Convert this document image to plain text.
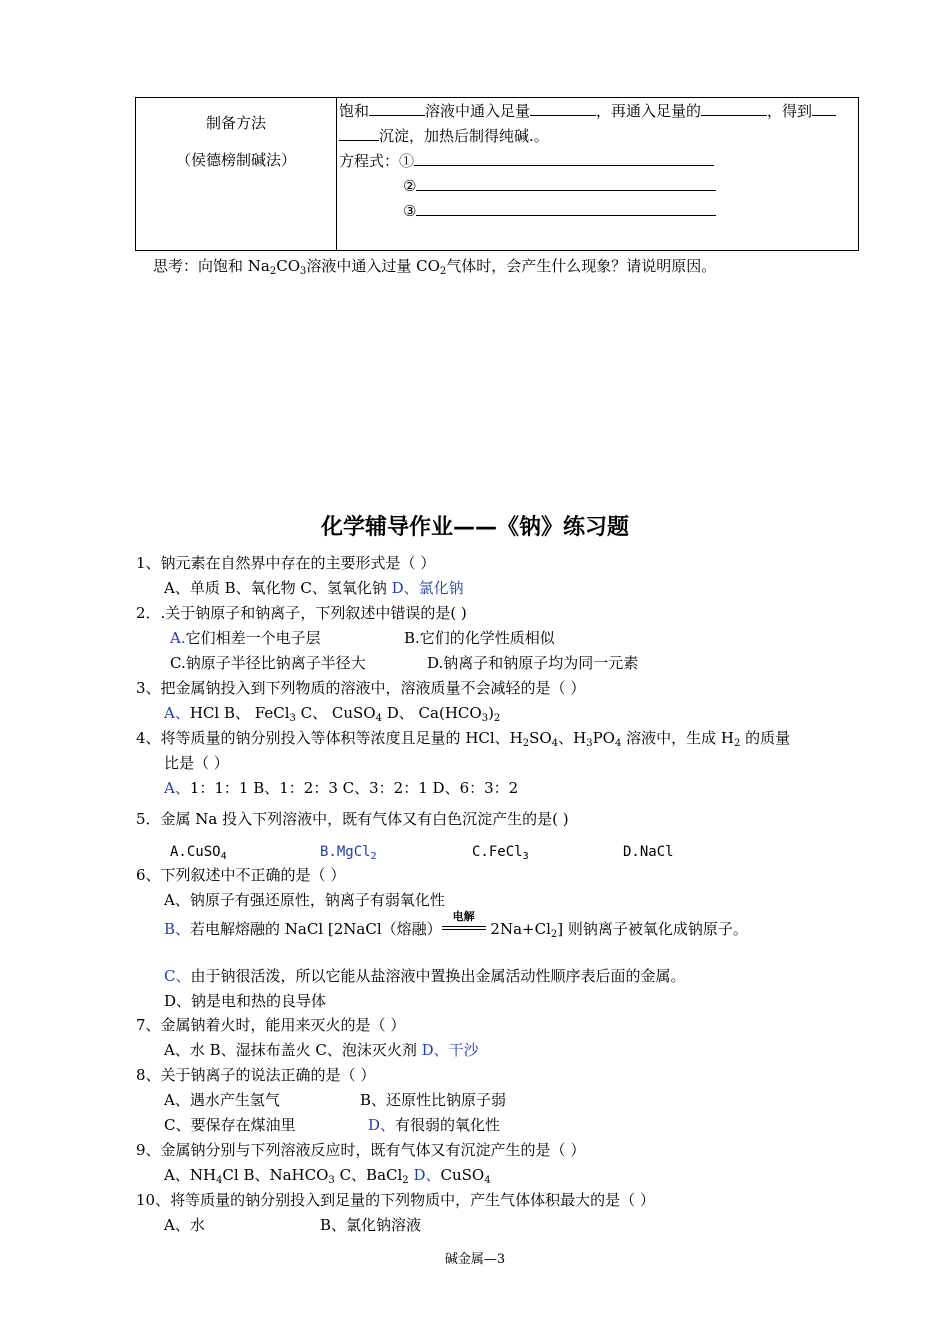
制备方法
（侯德榜制碱法）

饱和	溶液中通入足量	，再通入足量的	，得到
沉淀，加热后制得纯碱.。
方程式：①
②
③
思考：向饱和 $Na_2CO_3$溶液中通入过量 $CO_2$气体时，会产生什么现象？请说明原因。
化学辅导作业——《钠》练习题
1、钠元素在自然界中存在的主要形式是（ ）
A、单质 B、氧化物 C、氢氧化钠 D、氯化钠
2．.关于钠原子和钠离子，下列叙述中错误的是( )
A.它们相差一个电子层	B.它们的化学性质相似
C.钠原子半径比钠离子半径大	D.钠离子和钠原子均为同一元素
3、把金属钠投入到下列物质的溶液中，溶液质量不会减轻的是（ ）
A、HCl B、 FeCl$_3$ C、 CuSO$_4$ D、 $Ca(HCO_3)_2$
4、将等质量的钠分别投入等体积等浓度且足量的 HCl、$H_2SO_4$、$H_3PO_4$ 溶液中，生成 $H_2$ 的质量
比是（ ）
A、1：1：1 B、1：2：3 C、3：2：1 D、6：3：2
5．金属 Na 投入下列溶液中，既有气体又有白色沉淀产生的是( )
A.CuSO$_4$	B.MgCl$_2$	C.FeCl$_3$	D.NaCl
6、下列叙述中不正确的是（ ）
A、钠原子有强还原性，钠离子有弱氧化性
B、若电解熔融的 NaCl [2NaCl（熔融）
电解
$2Na+Cl_2$] 则钠离子被氧化成钠原子。
C、由于钠很活泼，所以它能从盐溶液中置换出金属活动性顺序表后面的金属。
D、钠是电和热的良导体
7、金属钠着火时，能用来灭火的是（ ）
A、水 B、湿抹布盖火 C、泡沫灭火剂 D、干沙
8、关于钠离子的说法正确的是（ ）
A、遇水产生氢气	B、还原性比钠原子弱
C、要保存在煤油里	D、有很弱的氧化性
9、金属钠分别与下列溶液反应时，既有气体又有沉淀产生的是（ ）
A、$NH_4Cl$ B、NaHCO$_3$ C、BaCl$_2$ D、CuSO$_4$
10、将等质量的钠分别投入到足量的下列物质中，产生气体体积最大的是（ ）
A、水	B、氯化钠溶液
碱金属—3
